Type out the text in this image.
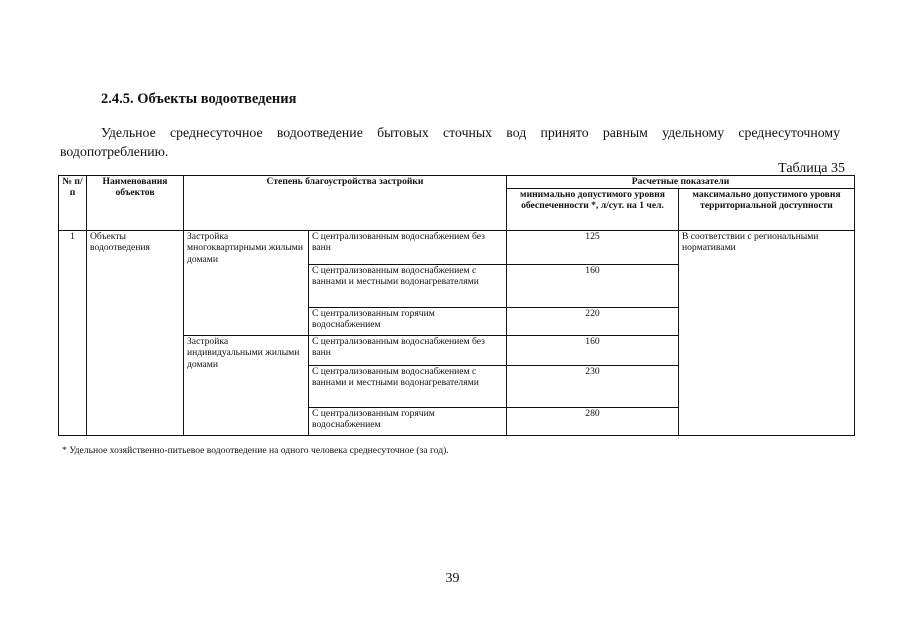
2.4.5. Объекты водоотведения
Удельное среднесуточное водоотведение бытовых сточных вод принято равным удельному среднесуточному водопотреблению.
Таблица 35
№ п/п	Наименования объектов	Степень благоустройства застройки		Расчетные показатели	
				минимально допустимого уровня обеспеченности *, л/сут. на 1 чел.	максимально допустимого уровня территориальной доступности
1	Объекты водоотведения	Застройка многоквартирными жилыми домами	С централизованным водоснабжением без ванн	125	В соответствии с региональными нормативами
			С централизованным водоснабжением с ваннами и местными водонагревателями	160	
			С централизованным горячим водоснабжением	220	
		Застройка индивидуальными жилыми домами	С централизованным водоснабжением без ванн	160	
			С централизованным водоснабжением с ваннами и местными водонагревателями	230	
			С централизованным горячим водоснабжением	280	
* Удельное хозяйственно-питьевое водоотведение на одного человека среднесуточное (за год).
39
